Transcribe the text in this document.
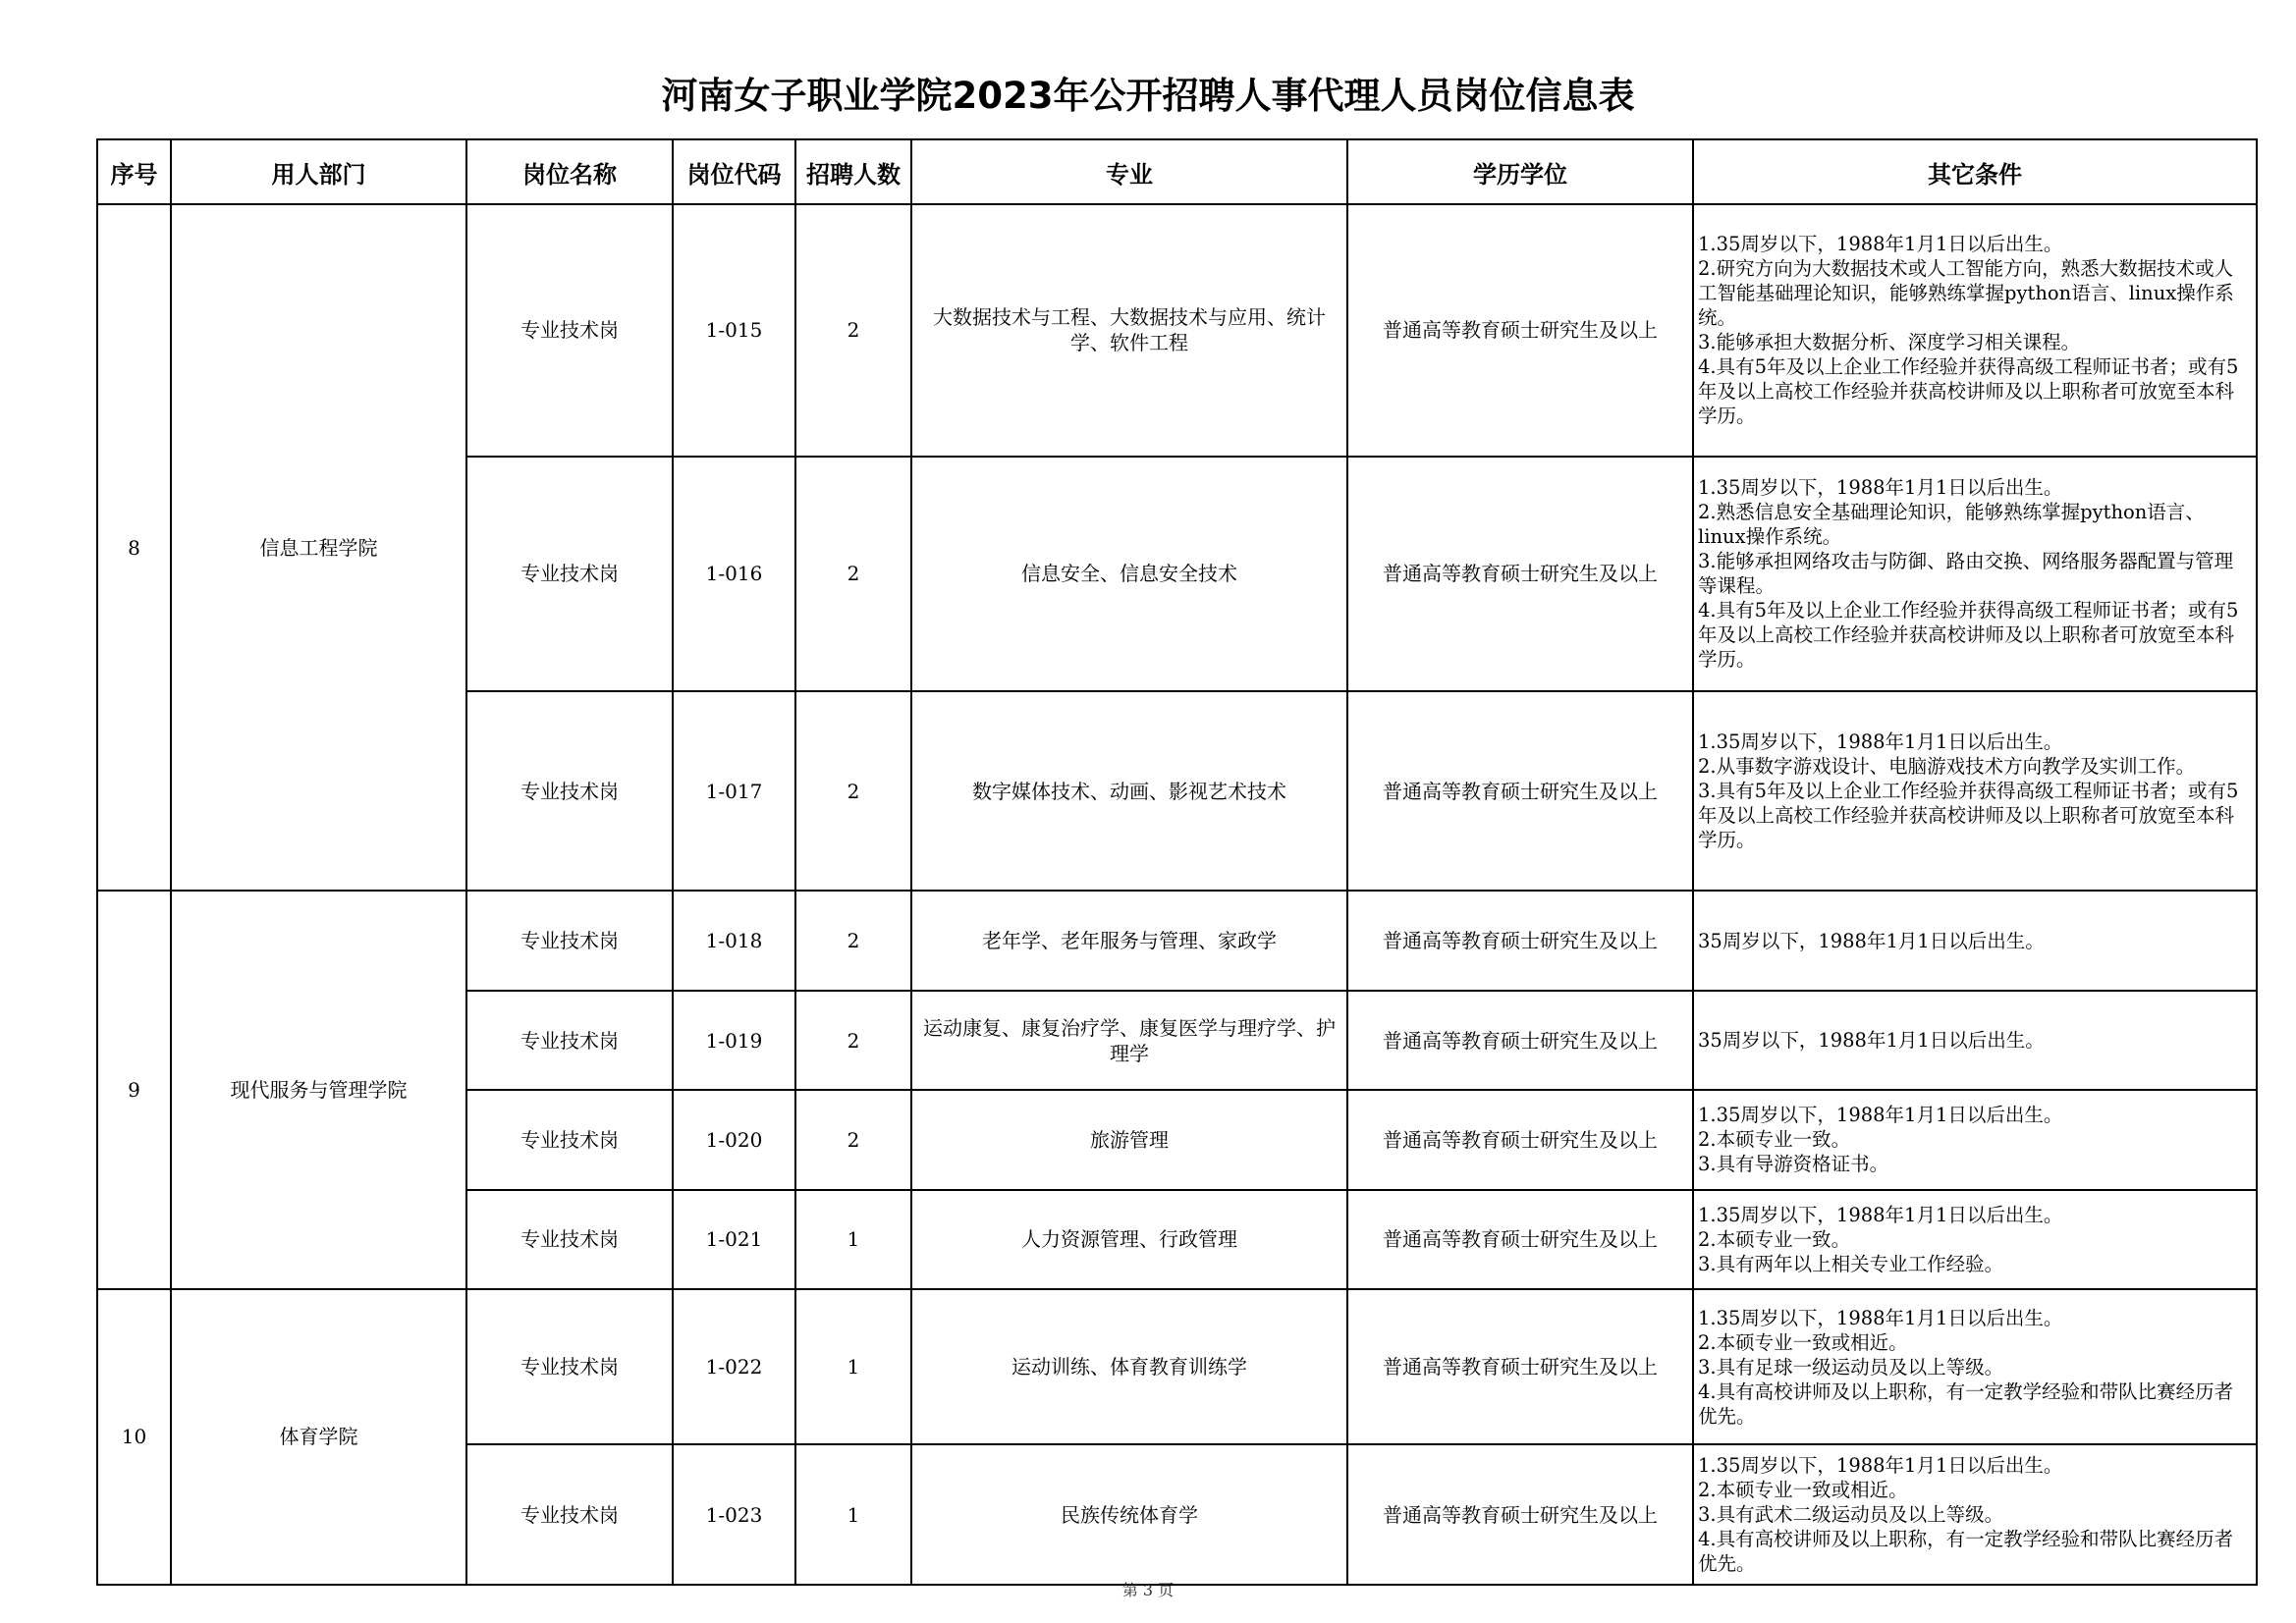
河南女子职业学院2023年公开招聘人事代理人员岗位信息表
序号	用人部门	岗位名称	岗位代码	招聘人数	专业	学历学位	其它条件
8	信息工程学院	专业技术岗	1-015	2	大数据技术与工程、大数据技术与应用、统计学、软件工程	普通高等教育硕士研究生及以上	1.35周岁以下，1988年1月1日以后出生。
2.研究方向为大数据技术或人工智能方向，熟悉大数据技术或人工智能基础理论知识，能够熟练掌握python语言、linux操作系统。
3.能够承担大数据分析、深度学习相关课程。
4.具有5年及以上企业工作经验并获得高级工程师证书者；或有5年及以上高校工作经验并获高校讲师及以上职称者可放宽至本科学历。

		专业技术岗	1-016	2	信息安全、信息安全技术	普通高等教育硕士研究生及以上	1.35周岁以下，1988年1月1日以后出生。
2.熟悉信息安全基础理论知识，能够熟练掌握python语言、linux操作系统。
3.能够承担网络攻击与防御、路由交换、网络服务器配置与管理等课程。
4.具有5年及以上企业工作经验并获得高级工程师证书者；或有5年及以上高校工作经验并获高校讲师及以上职称者可放宽至本科学历。

		专业技术岗	1-017	2	数字媒体技术、动画、影视艺术技术	普通高等教育硕士研究生及以上	1.35周岁以下，1988年1月1日以后出生。
2.从事数字游戏设计、电脑游戏技术方向教学及实训工作。
3.具有5年及以上企业工作经验并获得高级工程师证书者；或有5年及以上高校工作经验并获高校讲师及以上职称者可放宽至本科学历。

9	现代服务与管理学院	专业技术岗	1-018	2	老年学、老年服务与管理、家政学	普通高等教育硕士研究生及以上	35周岁以下，1988年1月1日以后出生。

		专业技术岗	1-019	2	运动康复、康复治疗学、康复医学与理疗学、护理学	普通高等教育硕士研究生及以上	35周岁以下，1988年1月1日以后出生。

		专业技术岗	1-020	2	旅游管理	普通高等教育硕士研究生及以上	1.35周岁以下，1988年1月1日以后出生。
2.本硕专业一致。
3.具有导游资格证书。

		专业技术岗	1-021	1	人力资源管理、行政管理	普通高等教育硕士研究生及以上	1.35周岁以下，1988年1月1日以后出生。
2.本硕专业一致。
3.具有两年以上相关专业工作经验。

10	体育学院	专业技术岗	1-022	1	运动训练、体育教育训练学	普通高等教育硕士研究生及以上	1.35周岁以下，1988年1月1日以后出生。
2.本硕专业一致或相近。
3.具有足球一级运动员及以上等级。
4.具有高校讲师及以上职称，有一定教学经验和带队比赛经历者优先。

		专业技术岗	1-023	1	民族传统体育学	普通高等教育硕士研究生及以上	1.35周岁以下，1988年1月1日以后出生。
2.本硕专业一致或相近。
3.具有武术二级运动员及以上等级。
4.具有高校讲师及以上职称，有一定教学经验和带队比赛经历者优先。
第 3 页
